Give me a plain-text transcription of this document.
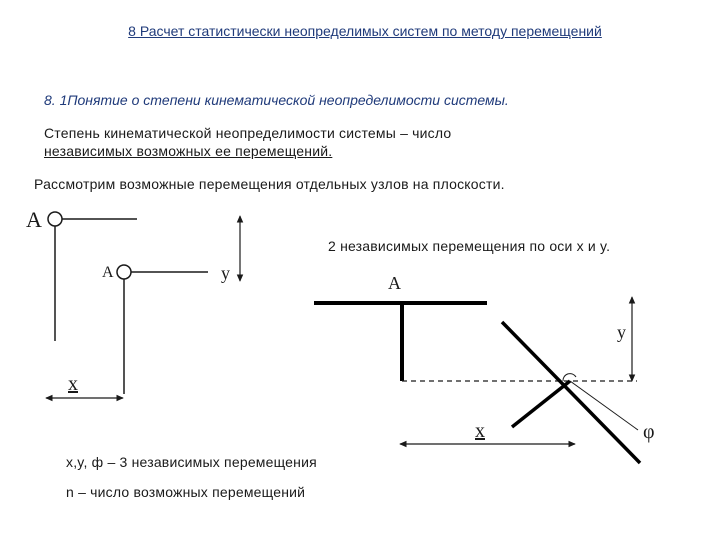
8 Расчет статистически неопределимых систем по методу перемещений
8. 1Понятие о степени кинематической неопределимости системы.
Степень кинематической неопределимости системы – число
независимых возможных ее перемещений.
Рассмотрим возможные перемещения отдельных узлов на плоскости.
2 независимых перемещения по оси x и y.
A
A	y
x
A
y
x	φ
x,y, ф – 3 независимых перемещения
n – число возможных перемещений
